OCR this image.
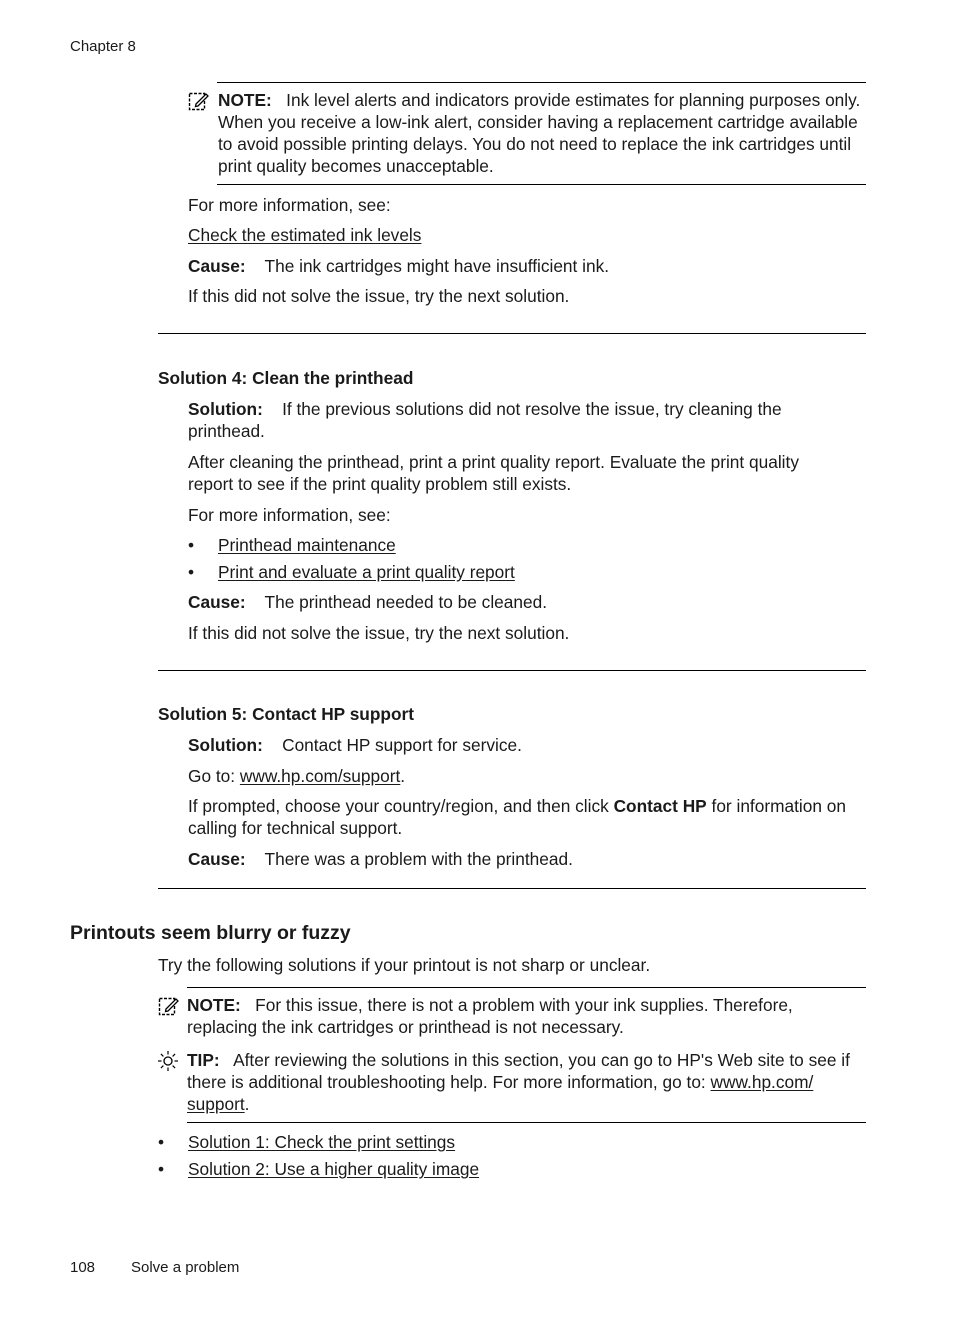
Chapter 8

NOTE: Ink level alerts and indicators provide estimates for planning purposes only. When you receive a low-ink alert, consider having a replacement cartridge available to avoid possible printing delays. You do not need to replace the ink cartridges until print quality becomes unacceptable.

For more information, see:

Check the estimated ink levels

Cause: The ink cartridges might have insufficient ink.

If this did not solve the issue, try the next solution.

Solution 4: Clean the printhead

Solution: If the previous solutions did not resolve the issue, try cleaning the printhead.

After cleaning the printhead, print a print quality report. Evaluate the print quality report to see if the print quality problem still exists.

For more information, see:

• Printhead maintenance
• Print and evaluate a print quality report

Cause: The printhead needed to be cleaned.

If this did not solve the issue, try the next solution.

Solution 5: Contact HP support

Solution: Contact HP support for service.

Go to: www.hp.com/support.

If prompted, choose your country/region, and then click Contact HP for information on calling for technical support.

Cause: There was a problem with the printhead.

Printouts seem blurry or fuzzy

Try the following solutions if your printout is not sharp or unclear.

NOTE: For this issue, there is not a problem with your ink supplies. Therefore, replacing the ink cartridges or printhead is not necessary.

TIP: After reviewing the solutions in this section, you can go to HP's Web site to see if there is additional troubleshooting help. For more information, go to: www.hp.com/
support.

• Solution 1: Check the print settings
• Solution 2: Use a higher quality image
108 Solve a problem
